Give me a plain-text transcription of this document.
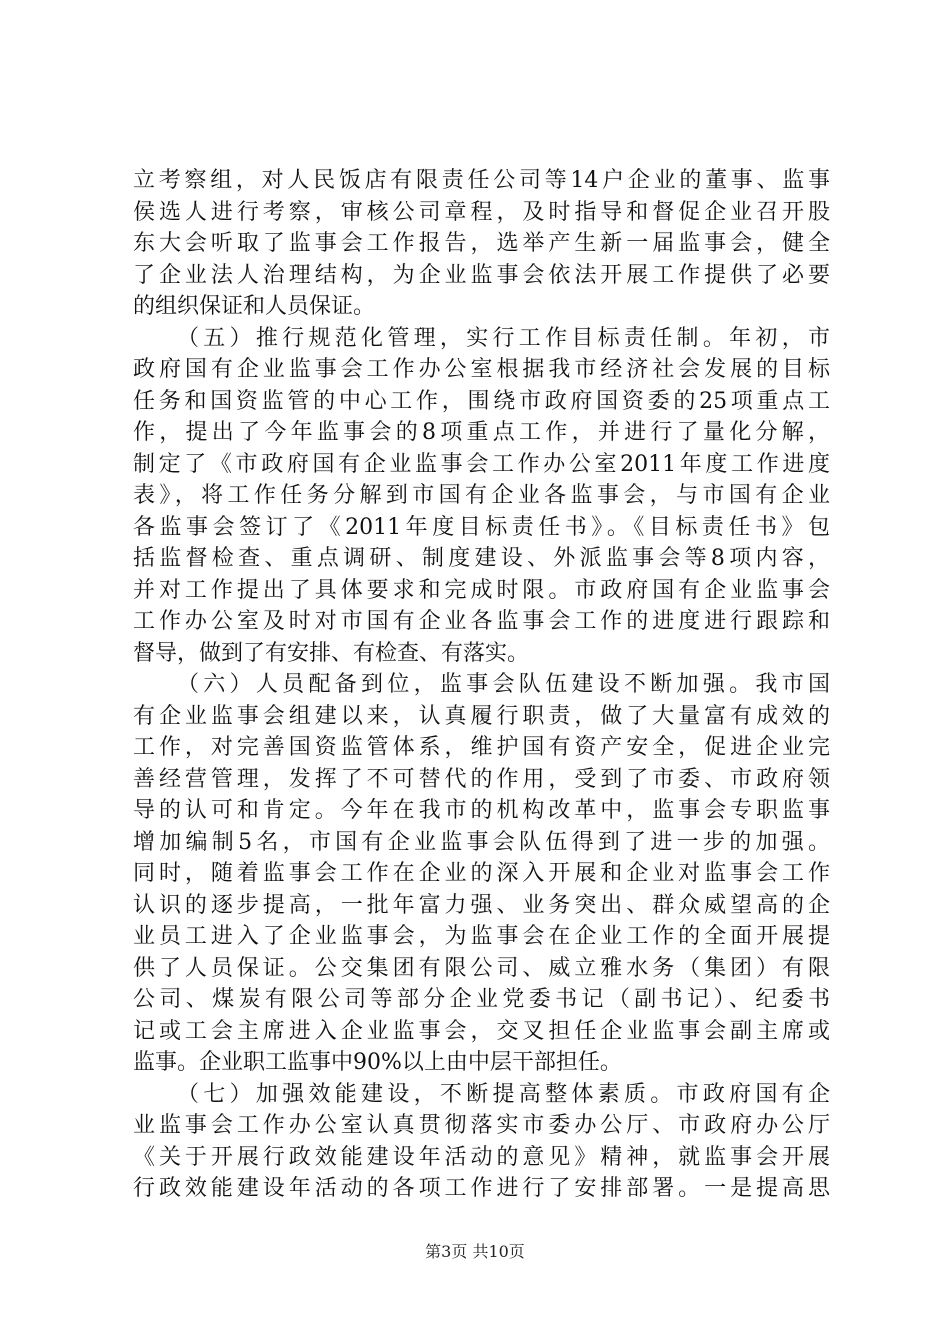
立考察组，对人民饭店有限责任公司等14户企业的董事、监事
侯选人进行考察，审核公司章程，及时指导和督促企业召开股
东大会听取了监事会工作报告，选举产生新一届监事会，健全
了企业法人治理结构，为企业监事会依法开展工作提供了必要
的组织保证和人员保证。
（五）推行规范化管理，实行工作目标责任制。年初，市
政府国有企业监事会工作办公室根据我市经济社会发展的目标
任务和国资监管的中心工作，围绕市政府国资委的25项重点工
作，提出了今年监事会的8项重点工作，并进行了量化分解，
制定了《市政府国有企业监事会工作办公室2011年度工作进度
表》，将工作任务分解到市国有企业各监事会，与市国有企业
各监事会签订了《2011年度目标责任书》。《目标责任书》包
括监督检查、重点调研、制度建设、外派监事会等8项内容，
并对工作提出了具体要求和完成时限。市政府国有企业监事会
工作办公室及时对市国有企业各监事会工作的进度进行跟踪和
督导，做到了有安排、有检查、有落实。
（六）人员配备到位，监事会队伍建设不断加强。我市国
有企业监事会组建以来，认真履行职责，做了大量富有成效的
工作，对完善国资监管体系，维护国有资产安全，促进企业完
善经营管理，发挥了不可替代的作用，受到了市委、市政府领
导的认可和肯定。今年在我市的机构改革中，监事会专职监事
增加编制5名，市国有企业监事会队伍得到了进一步的加强。
同时，随着监事会工作在企业的深入开展和企业对监事会工作
认识的逐步提高，一批年富力强、业务突出、群众威望高的企
业员工进入了企业监事会，为监事会在企业工作的全面开展提
供了人员保证。公交集团有限公司、威立雅水务（集团）有限
公司、煤炭有限公司等部分企业党委书记（副书记）、纪委书
记或工会主席进入企业监事会，交叉担任企业监事会副主席或
监事。企业职工监事中90%以上由中层干部担任。
（七）加强效能建设，不断提高整体素质。市政府国有企
业监事会工作办公室认真贯彻落实市委办公厅、市政府办公厅
《关于开展行政效能建设年活动的意见》精神，就监事会开展
行政效能建设年活动的各项工作进行了安排部署。一是提高思
第3页 共10页
